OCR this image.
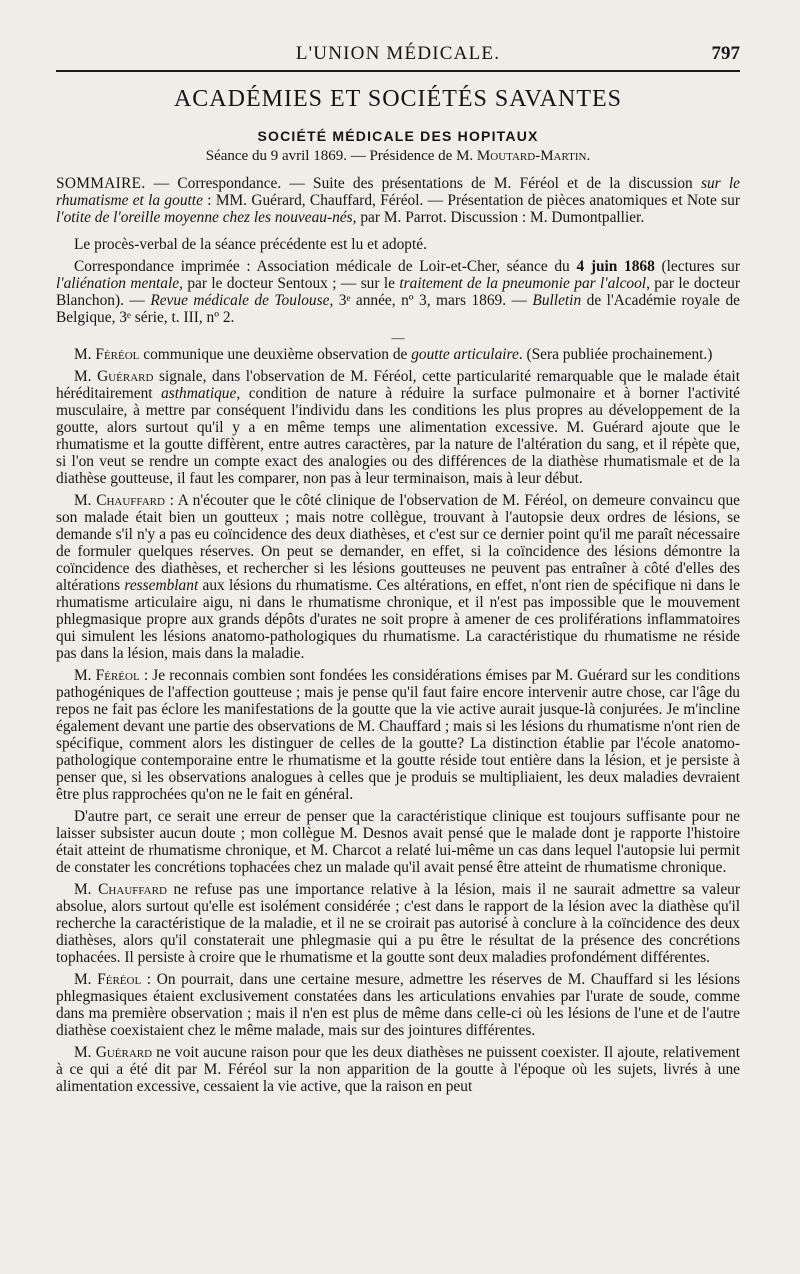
L'UNION MÉDICALE.	797
ACADÉMIES ET SOCIÉTÉS SAVANTES
SOCIÉTÉ MÉDICALE DES HOPITAUX
Séance du 9 avril 1869. — Présidence de M. Moutard-Martin.

SOMMAIRE. — Correspondance. — Suite des présentations de M. Féréol et de la discussion sur le rhumatisme et la goutte : MM. Guérard, Chauffard, Féréol. — Présentation de pièces anatomiques et Note sur l'otite de l'oreille moyenne chez les nouveau-nés, par M. Parrot. Discussion : M. Dumontpallier.

Le procès-verbal de la séance précédente est lu et adopté.

Correspondance imprimée : Association médicale de Loir-et-Cher, séance du 4 juin 1868 (lectures sur l'aliénation mentale, par le docteur Sentoux ; — sur le traitement de la pneumonie par l'alcool, par le docteur Blanchon). — Revue médicale de Toulouse, 3ᵉ année, nº 3, mars 1869. — Bulletin de l'Académie royale de Belgique, 3ᵉ série, t. III, nº 2.

—

M. Féréol communique une deuxième observation de goutte articulaire. (Sera publiée prochainement.)

M. Guérard signale, dans l'observation de M. Féréol, cette particularité remarquable que le malade était héréditairement asthmatique, condition de nature à réduire la surface pulmonaire et à borner l'activité musculaire, à mettre par conséquent l'individu dans les conditions les plus propres au développement de la goutte, alors surtout qu'il y a en même temps une alimentation excessive. M. Guérard ajoute que le rhumatisme et la goutte diffèrent, entre autres caractères, par la nature de l'altération du sang, et il répète que, si l'on veut se rendre un compte exact des analogies ou des différences de la diathèse rhumatismale et de la diathèse goutteuse, il faut les comparer, non pas à leur terminaison, mais à leur début.

M. Chauffard : A n'écouter que le côté clinique de l'observation de M. Féréol, on demeure convaincu que son malade était bien un goutteux ; mais notre collègue, trouvant à l'autopsie deux ordres de lésions, se demande s'il n'y a pas eu coïncidence des deux diathèses, et c'est sur ce dernier point qu'il me paraît nécessaire de formuler quelques réserves. On peut se demander, en effet, si la coïncidence des lésions démontre la coïncidence des diathèses, et rechercher si les lésions goutteuses ne peuvent pas entraîner à côté d'elles des altérations ressemblant aux lésions du rhumatisme. Ces altérations, en effet, n'ont rien de spécifique ni dans le rhumatisme articulaire aigu, ni dans le rhumatisme chronique, et il n'est pas impossible que le mouvement phlegmasique propre aux grands dépôts d'urates ne soit propre à amener de ces proliférations inflammatoires qui simulent les lésions anatomo-pathologiques du rhumatisme. La caractéristique du rhumatisme ne réside pas dans la lésion, mais dans la maladie.

M. Féréol : Je reconnais combien sont fondées les considérations émises par M. Guérard sur les conditions pathogéniques de l'affection goutteuse ; mais je pense qu'il faut faire encore intervenir autre chose, car l'âge du repos ne fait pas éclore les manifestations de la goutte que la vie active aurait jusque-là conjurées. Je m'incline également devant une partie des observations de M. Chauffard ; mais si les lésions du rhumatisme n'ont rien de spécifique, comment alors les distinguer de celles de la goutte? La distinction établie par l'école anatomo-pathologique contemporaine entre le rhumatisme et la goutte réside tout entière dans la lésion, et je persiste à penser que, si les observations analogues à celles que je produis se multipliaient, les deux maladies devraient être plus rapprochées qu'on ne le fait en général.

D'autre part, ce serait une erreur de penser que la caractéristique clinique est toujours suffisante pour ne laisser subsister aucun doute ; mon collègue M. Desnos avait pensé que le malade dont je rapporte l'histoire était atteint de rhumatisme chronique, et M. Charcot a relaté lui-même un cas dans lequel l'autopsie lui permit de constater les concrétions tophacées chez un malade qu'il avait pensé être atteint de rhumatisme chronique.

M. Chauffard ne refuse pas une importance relative à la lésion, mais il ne saurait admettre sa valeur absolue, alors surtout qu'elle est isolément considérée ; c'est dans le rapport de la lésion avec la diathèse qu'il recherche la caractéristique de la maladie, et il ne se croirait pas autorisé à conclure à la coïncidence des deux diathèses, alors qu'il constaterait une phlegmasie qui a pu être le résultat de la présence des concrétions tophacées. Il persiste à croire que le rhumatisme et la goutte sont deux maladies profondément différentes.

M. Féréol : On pourrait, dans une certaine mesure, admettre les réserves de M. Chauffard si les lésions phlegmasiques étaient exclusivement constatées dans les articulations envahies par l'urate de soude, comme dans ma première observation ; mais il n'en est plus de même dans celle-ci où les lésions de l'une et de l'autre diathèse coexistaient chez le même malade, mais sur des jointures différentes.

M. Guérard ne voit aucune raison pour que les deux diathèses ne puissent coexister. Il ajoute, relativement à ce qui a été dit par M. Féréol sur la non apparition de la goutte à l'époque où les sujets, livrés à une alimentation excessive, cessaient la vie active, que la raison en peut
